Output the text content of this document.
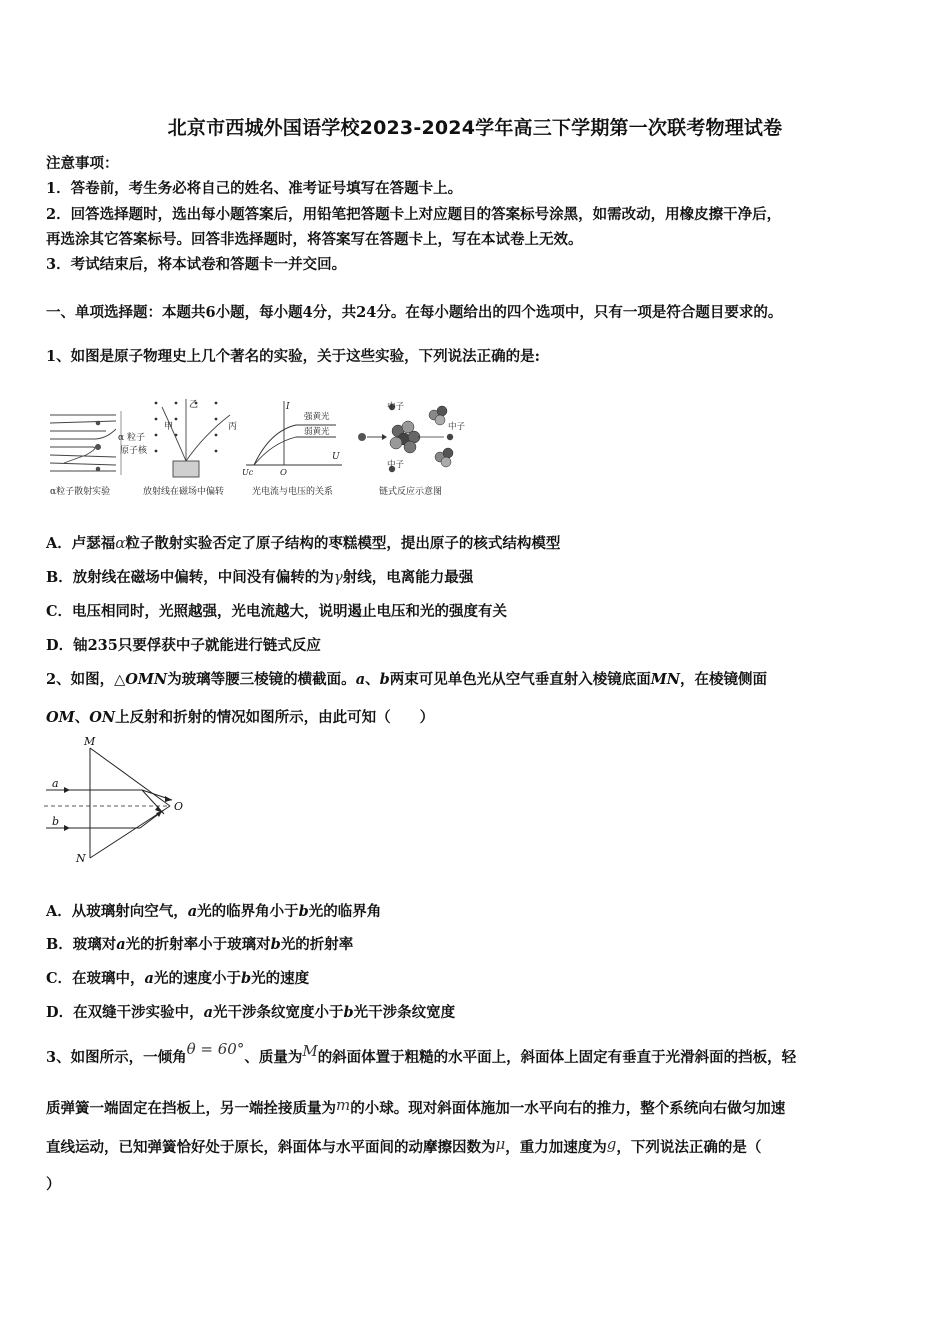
北京市西城外国语学校2023-2024学年高三下学期第一次联考物理试卷
注意事项：
1．答卷前，考生务必将自己的姓名、准考证号填写在答题卡上。
2．回答选择题时，选出每小题答案后，用铅笔把答题卡上对应题目的答案标号涂黑，如需改动，用橡皮擦干净后，
再选涂其它答案标号。回答非选择题时，将答案写在答题卡上，写在本试卷上无效。
3．考试结束后，将本试卷和答题卡一并交回。
一、单项选择题：本题共6小题，每小题4分，共24分。在每小题给出的四个选项中，只有一项是符合题目要求的。
1、如图是原子物理史上几个著名的实验，关于这些实验，下列说法正确的是:
α 粒子
原子核
α粒子散射实验
甲
乙
丙
放射线在磁场中偏转
I
强黄光
弱黄光
U
Uc	O
光电流与电压的关系
中子
中子
中子
链式反应示意图
A．卢瑟福α粒子散射实验否定了原子结构的枣糕模型，提出原子的核式结构模型
B．放射线在磁场中偏转，中间没有偏转的为γ射线，电离能力最强
C．电压相同时，光照越强，光电流越大，说明遏止电压和光的强度有关
D．铀235只要俘获中子就能进行链式反应
2、如图，△OMN为玻璃等腰三棱镜的横截面。a、b两束可见单色光从空气垂直射入棱镜底面MN，在棱镜侧面
OM、ON上反射和折射的情况如图所示，由此可知（　　）
M
N
O
a
b
A．从玻璃射向空气，a光的临界角小于b光的临界角
B．玻璃对a光的折射率小于玻璃对b光的折射率
C．在玻璃中，a光的速度小于b光的速度
D．在双缝干涉实验中，a光干涉条纹宽度小于b光干涉条纹宽度
3、如图所示，一倾角θ = 60°、质量为M的斜面体置于粗糙的水平面上，斜面体上固定有垂直于光滑斜面的挡板，轻
质弹簧一端固定在挡板上，另一端拴接质量为m的小球。现对斜面体施加一水平向右的推力，整个系统向右做匀加速
直线运动，已知弹簧恰好处于原长，斜面体与水平面间的动摩擦因数为μ，重力加速度为g，下列说法正确的是（
）
